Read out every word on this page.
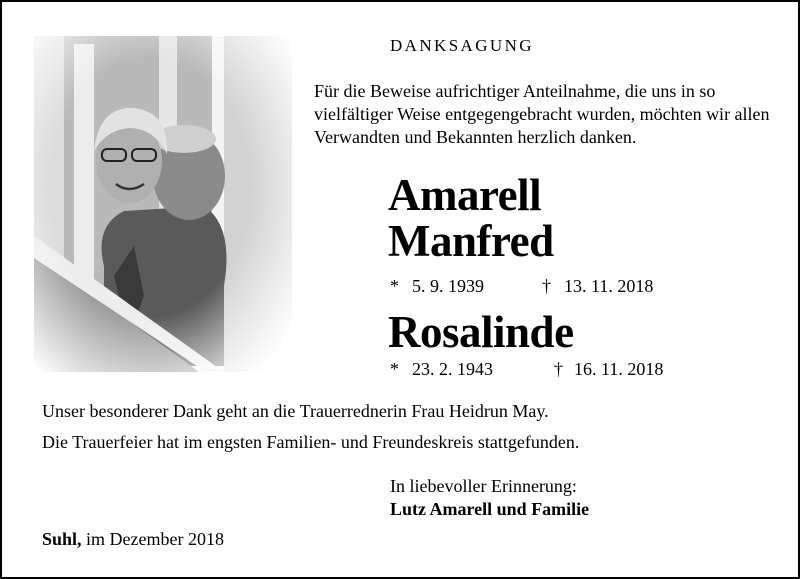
DANKSAGUNG
Für die Beweise aufrichtiger Anteilnahme, die uns in so vielfältiger Weise entgegengebracht wurden, möchten wir allen Verwandten und Bekannten herzlich danken.
Amarell
Manfred
* 5. 9. 1939	† 13. 11. 2018
Rosalinde
* 23. 2. 1943	† 16. 11. 2018
Unser besonderer Dank geht an die Trauerrednerin Frau Heidrun May.
Die Trauerfeier hat im engsten Familien- und Freundeskreis stattgefunden.
In liebevoller Erinnerung:
Lutz Amarell und Familie
Suhl, im Dezember 2018
